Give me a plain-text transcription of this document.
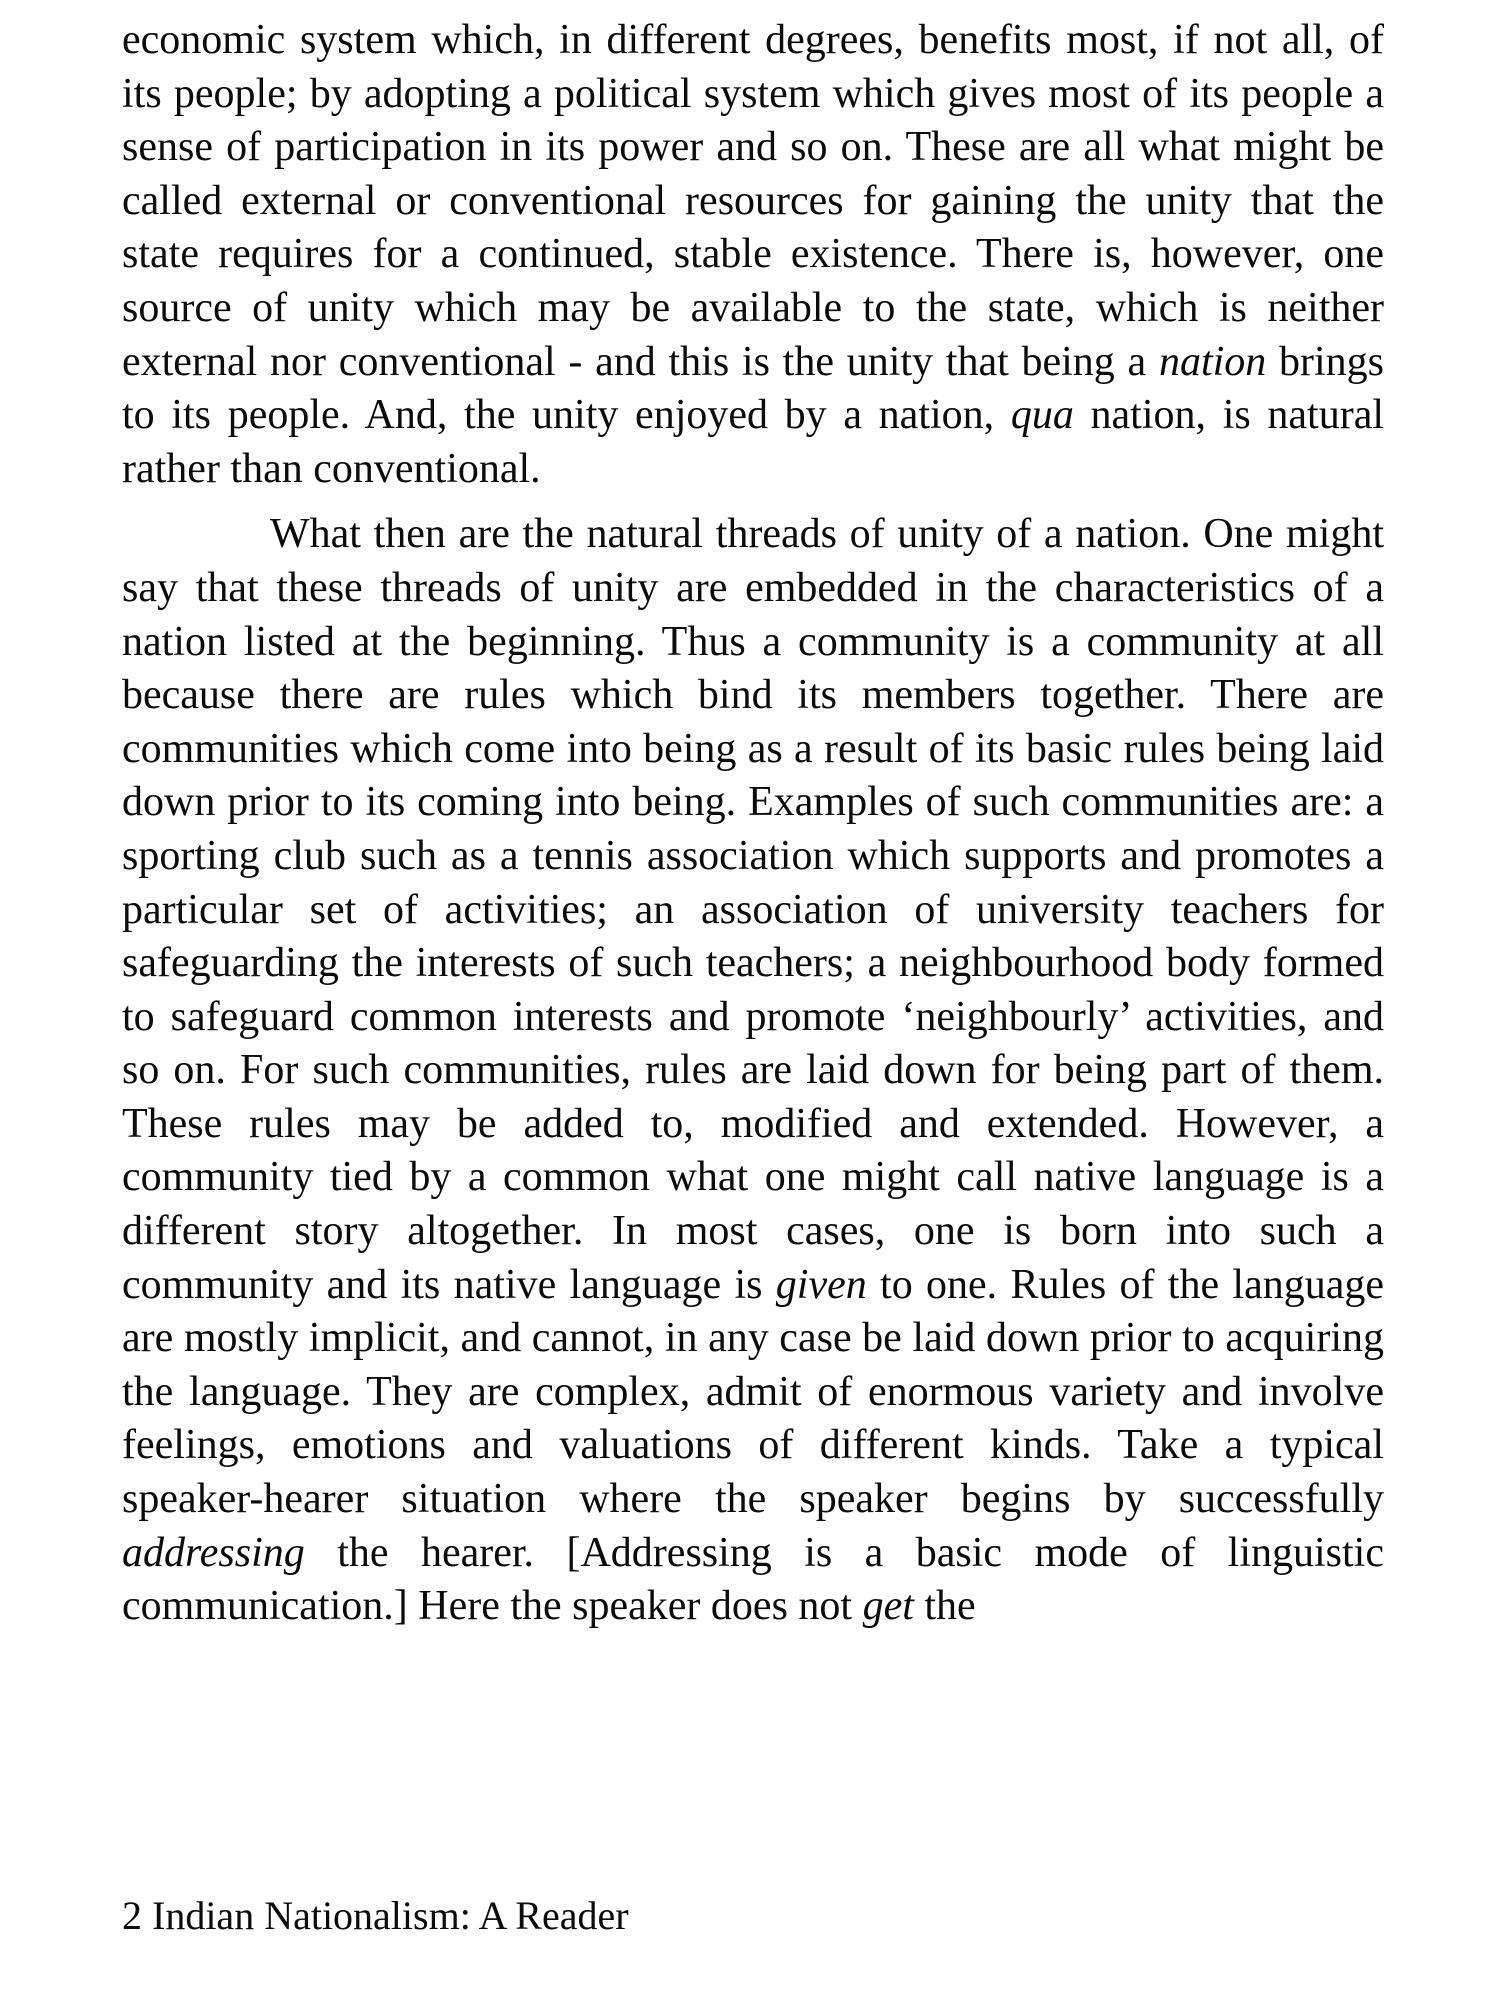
economic system which, in different degrees, benefits most, if not all, of its people; by adopting a political system which gives most of its people a sense of participation in its power and so on. These are all what might be called external or conventional resources for gaining the unity that the state requires for a continued, stable existence. There is, however, one source of unity which may be available to the state, which is neither external nor conventional - and this is the unity that being a nation brings to its people. And, the unity enjoyed by a nation, qua nation, is natural rather than conventional.

What then are the natural threads of unity of a nation. One might say that these threads of unity are embedded in the characteristics of a nation listed at the beginning. Thus a community is a community at all because there are rules which bind its members together. There are communities which come into being as a result of its basic rules being laid down prior to its coming into being. Examples of such communities are: a sporting club such as a tennis association which supports and promotes a particular set of activities; an association of university teachers for safeguarding the interests of such teachers; a neighbourhood body formed to safeguard common interests and promote ‘neighbourly’ activities, and so on. For such communities, rules are laid down for being part of them. These rules may be added to, modified and extended. However, a community tied by a common what one might call native language is a different story altogether. In most cases, one is born into such a community and its native language is given to one. Rules of the language are mostly implicit, and cannot, in any case be laid down prior to acquiring the language. They are complex, admit of enormous variety and involve feelings, emotions and valuations of different kinds. Take a typical speaker-hearer situation where the speaker begins by successfully addressing the hearer. [Addressing is a basic mode of linguistic communication.] Here the speaker does not get the

2 Indian Nationalism: A Reader
